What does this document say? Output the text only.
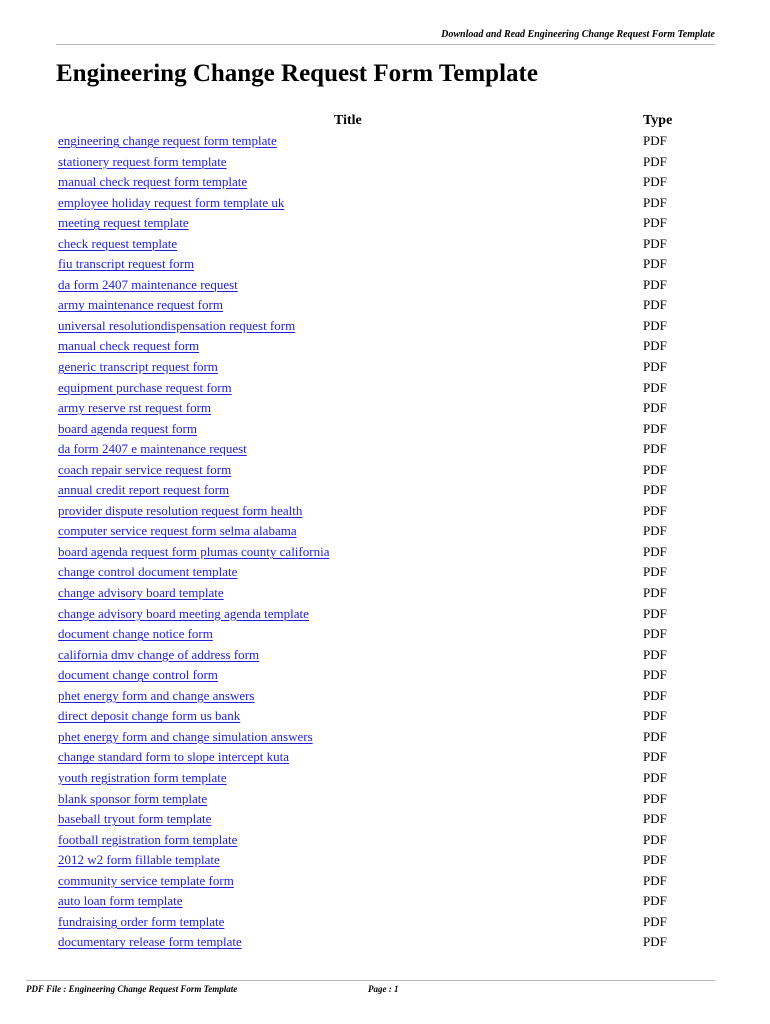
Download and Read Engineering Change Request Form Template
Engineering Change Request Form Template
Title	Type
engineering change request form template	PDF
stationery request form template	PDF
manual check request form template	PDF
employee holiday request form template uk	PDF
meeting request template	PDF
check request template	PDF
fiu transcript request form	PDF
da form 2407 maintenance request	PDF
army maintenance request form	PDF
universal resolutiondispensation request form	PDF
manual check request form	PDF
generic transcript request form	PDF
equipment purchase request form	PDF
army reserve rst request form	PDF
board agenda request form	PDF
da form 2407 e maintenance request	PDF
coach repair service request form	PDF
annual credit report request form	PDF
provider dispute resolution request form health	PDF
computer service request form selma alabama	PDF
board agenda request form plumas county california	PDF
change control document template	PDF
change advisory board template	PDF
change advisory board meeting agenda template	PDF
document change notice form	PDF
california dmv change of address form	PDF
document change control form	PDF
phet energy form and change answers	PDF
direct deposit change form us bank	PDF
phet energy form and change simulation answers	PDF
change standard form to slope intercept kuta	PDF
youth registration form template	PDF
blank sponsor form template	PDF
baseball tryout form template	PDF
football registration form template	PDF
2012 w2 form fillable template	PDF
community service template form	PDF
auto loan form template	PDF
fundraising order form template	PDF
documentary release form template	PDF
PDF File : Engineering Change Request Form Template	Page : 1
